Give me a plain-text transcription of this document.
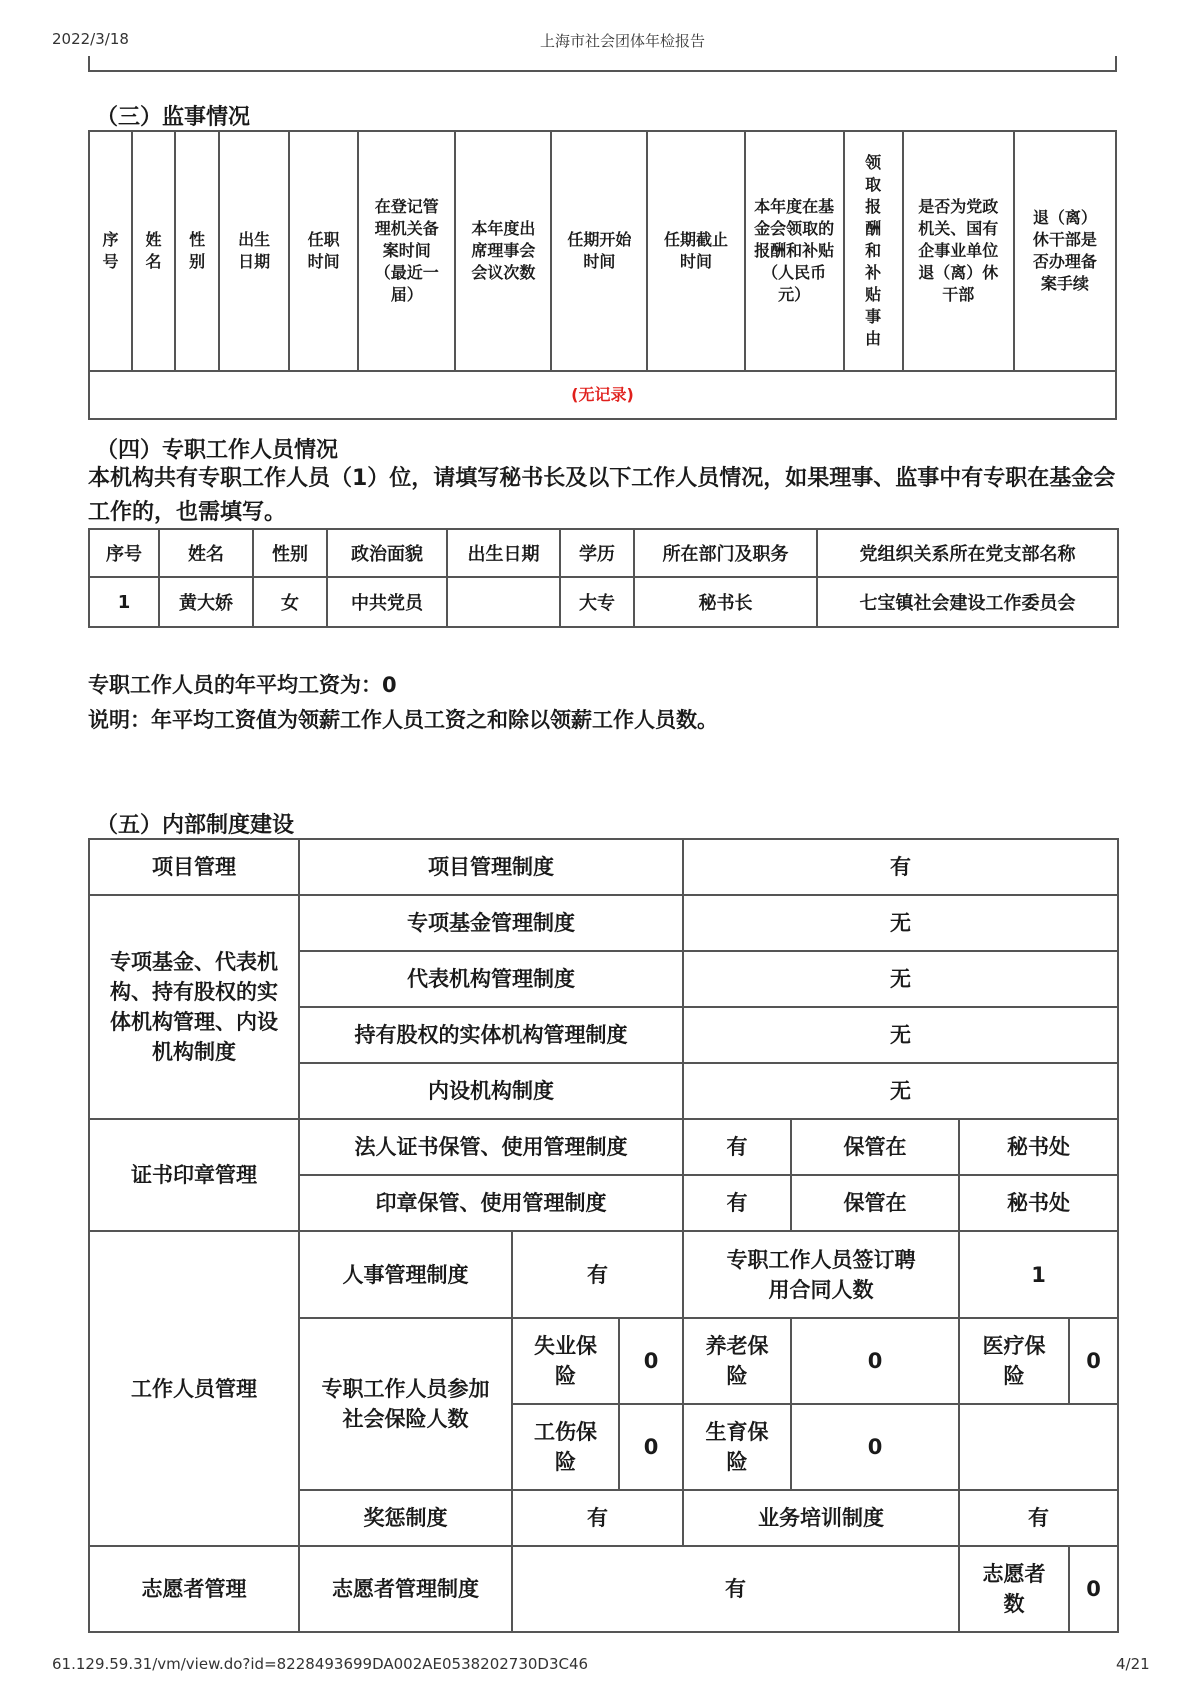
2022/3/18	上海市社会团体年检报告
（三）监事情况
序号	姓名	性别	出生日期	任职时间	在登记管理机关备案时间（最近一届）	本年度出席理事会会议次数	任期开始时间	任期截止时间	本年度在基金会领取的报酬和补贴（人民币元）	领取报酬和补贴事由	是否为党政机关、国有企事业单位退（离）休干部	退（离）休干部是否办理备案手续
(无记录)
（四）专职工作人员情况
本机构共有专职工作人员（1）位，请填写秘书长及以下工作人员情况，如果理事、监事中有专职在基金会工作的，也需填写。
序号	姓名	性别	政治面貌	出生日期	学历	所在部门及职务	党组织关系所在党支部名称
1	黄大娇	女	中共党员		大专	秘书长	七宝镇社会建设工作委员会
专职工作人员的年平均工资为：0
说明：年平均工资值为领薪工作人员工资之和除以领薪工作人员数。
（五）内部制度建设
项目管理	项目管理制度			有			
专项基金、代表机构、持有股权的实体机构管理、内设机构制度	专项基金管理制度			无			
	代表机构管理制度			无			
	持有股权的实体机构管理制度			无			
	内设机构制度			无			
证书印章管理	法人证书保管、使用管理制度			有	保管在	秘书处	
	印章保管、使用管理制度			有	保管在	秘书处	
工作人员管理	人事管理制度	有		专职工作人员签订聘用合同人数		1	
	专职工作人员参加社会保险人数	失业保险	0	养老保险	0	医疗保险	0
		工伤保险	0	生育保险	0		
	奖惩制度	有		业务培训制度		有	
志愿者管理	志愿者管理制度	有				志愿者数	0
61.129.59.31/vm/view.do?id=8228493699DA002AE0538202730D3C46	4/21
